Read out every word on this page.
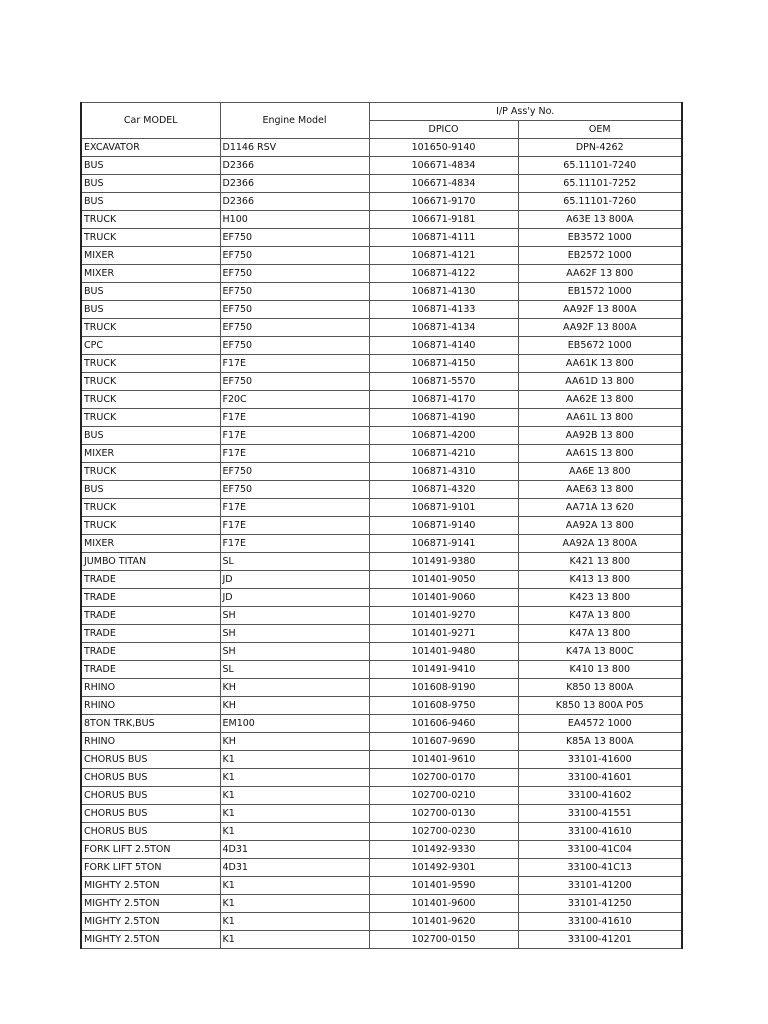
Car MODEL	Engine Model	I/P Ass'y No.	
		DPICO	OEM
EXCAVATOR	D1146 RSV	101650-9140	DPN-4262
BUS	D2366	106671-4834	65.11101-7240
BUS	D2366	106671-4834	65.11101-7252
BUS	D2366	106671-9170	65.11101-7260
TRUCK	H100	106671-9181	A63E 13 800A
TRUCK	EF750	106871-4111	EB3572 1000
MIXER	EF750	106871-4121	EB2572 1000
MIXER	EF750	106871-4122	AA62F 13 800
BUS	EF750	106871-4130	EB1572 1000
BUS	EF750	106871-4133	AA92F 13 800A
TRUCK	EF750	106871-4134	AA92F 13 800A
CPC	EF750	106871-4140	EB5672 1000
TRUCK	F17E	106871-4150	AA61K 13 800
TRUCK	EF750	106871-5570	AA61D 13 800
TRUCK	F20C	106871-4170	AA62E 13 800
TRUCK	F17E	106871-4190	AA61L 13 800
BUS	F17E	106871-4200	AA92B 13 800
MIXER	F17E	106871-4210	AA61S 13 800
TRUCK	EF750	106871-4310	AA6E 13 800
BUS	EF750	106871-4320	AAE63 13 800
TRUCK	F17E	106871-9101	AA71A 13 620
TRUCK	F17E	106871-9140	AA92A 13 800
MIXER	F17E	106871-9141	AA92A 13 800A
JUMBO TITAN	SL	101491-9380	K421 13 800
TRADE	JD	101401-9050	K413 13 800
TRADE	JD	101401-9060	K423 13 800
TRADE	SH	101401-9270	K47A 13 800
TRADE	SH	101401-9271	K47A 13 800
TRADE	SH	101401-9480	K47A 13 800C
TRADE	SL	101491-9410	K410 13 800
RHINO	KH	101608-9190	K850 13 800A
RHINO	KH	101608-9750	K850 13 800A P05
8TON TRK,BUS	EM100	101606-9460	EA4572 1000
RHINO	KH	101607-9690	K85A 13 800A
CHORUS BUS	K1	101401-9610	33101-41600
CHORUS BUS	K1	102700-0170	33100-41601
CHORUS BUS	K1	102700-0210	33100-41602
CHORUS BUS	K1	102700-0130	33100-41551
CHORUS BUS	K1	102700-0230	33100-41610
FORK LIFT 2.5TON	4D31	101492-9330	33100-41C04
FORK LIFT 5TON	4D31	101492-9301	33100-41C13
MIGHTY 2.5TON	K1	101401-9590	33101-41200
MIGHTY 2.5TON	K1	101401-9600	33101-41250
MIGHTY 2.5TON	K1	101401-9620	33100-41610
MIGHTY 2.5TON	K1	102700-0150	33100-41201
